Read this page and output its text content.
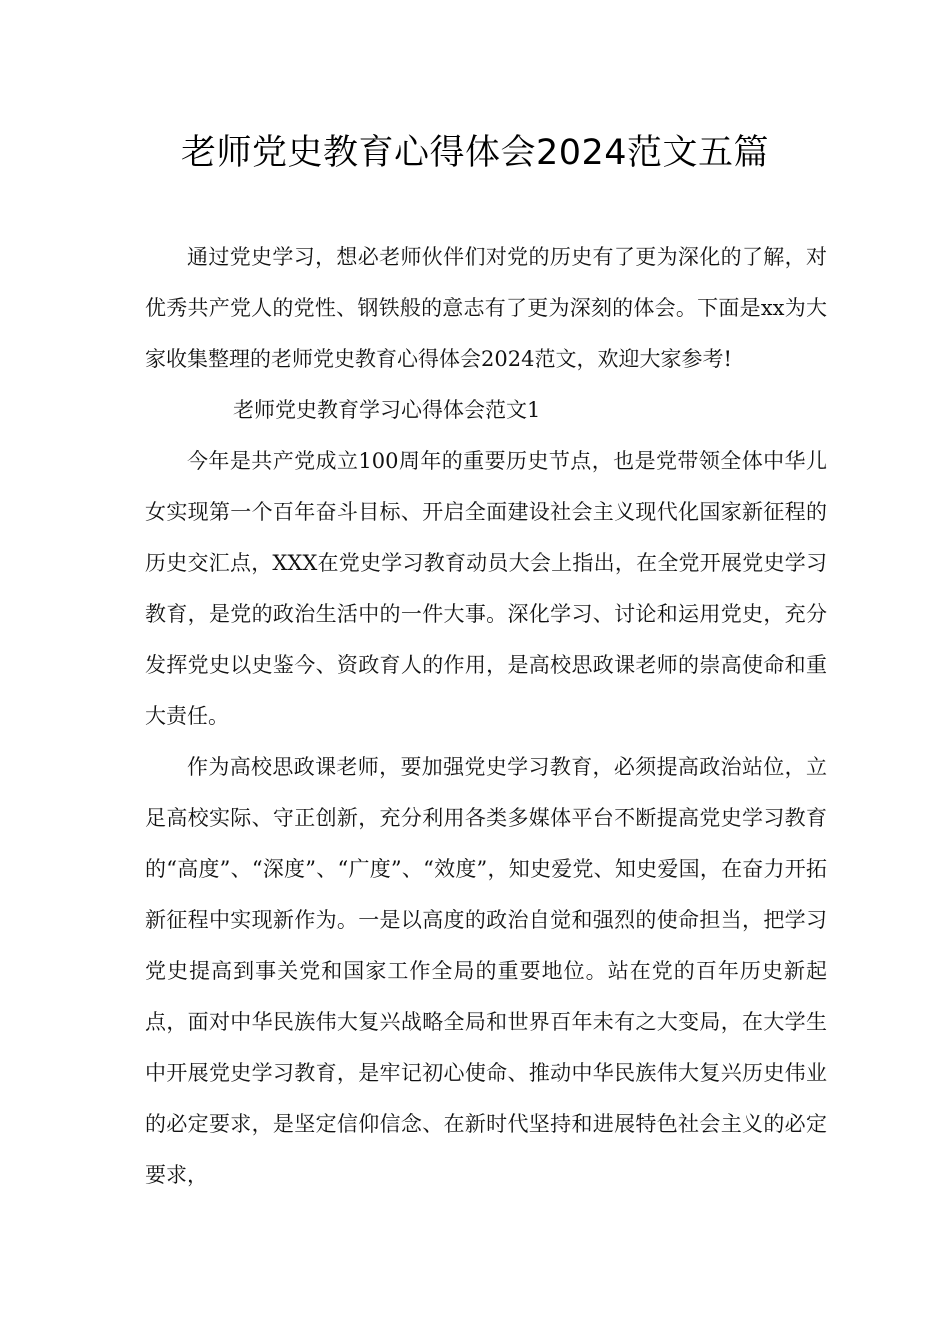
老师党史教育心得体会2024范文五篇

通过党史学习，想必老师伙伴们对党的历史有了更为深化的了解，对优秀共产党人的党性、钢铁般的意志有了更为深刻的体会。下面是xx为大家收集整理的老师党史教育心得体会2024范文，欢迎大家参考!

老师党史教育学习心得体会范文1

今年是共产党成立100周年的重要历史节点，也是党带领全体中华儿女实现第一个百年奋斗目标、开启全面建设社会主义现代化国家新征程的历史交汇点，XXX在党史学习教育动员大会上指出，在全党开展党史学习教育，是党的政治生活中的一件大事。深化学习、讨论和运用党史，充分发挥党史以史鉴今、资政育人的作用，是高校思政课老师的崇高使命和重大责任。

作为高校思政课老师，要加强党史学习教育，必须提高政治站位，立足高校实际、守正创新，充分利用各类多媒体平台不断提高党史学习教育的“高度”、“深度”、“广度”、“效度”，知史爱党、知史爱国，在奋力开拓新征程中实现新作为。一是以高度的政治自觉和强烈的使命担当，把学习党史提高到事关党和国家工作全局的重要地位。站在党的百年历史新起点，面对中华民族伟大复兴战略全局和世界百年未有之大变局，在大学生中开展党史学习教育，是牢记初心使命、推动中华民族伟大复兴历史伟业的必定要求，是坚定信仰信念、在新时代坚持和进展特色社会主义的必定要求，
